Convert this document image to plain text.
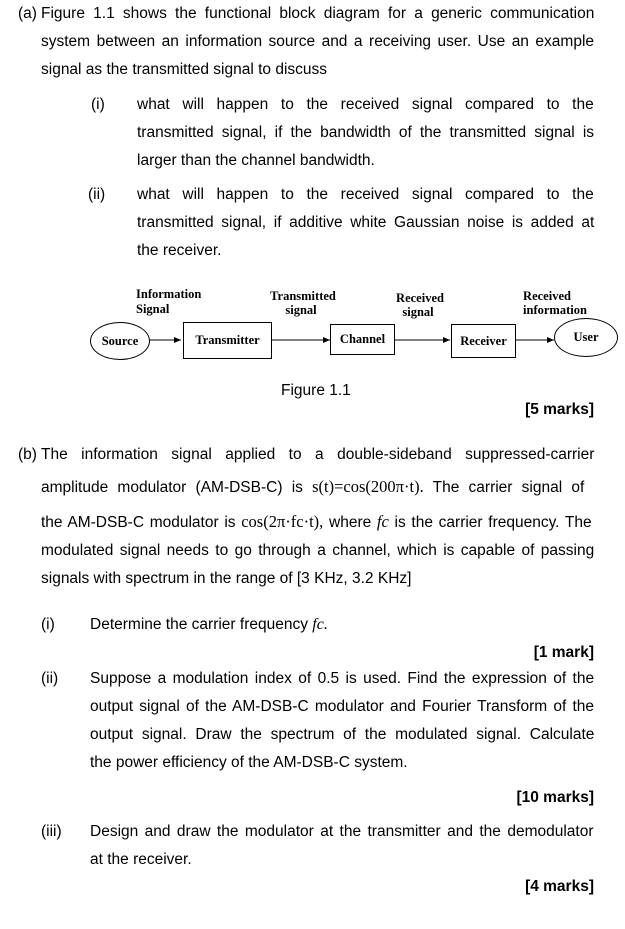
(a) Figure 1.1 shows the functional block diagram for a generic communication
system between an information source and a receiving user. Use an example
signal as the transmitted signal to discuss
(i) what will happen to the received signal compared to the
transmitted signal, if the bandwidth of the transmitted signal is
larger than the channel bandwidth.
(ii) what will happen to the received signal compared to the
transmitted signal, if additive white Gaussian noise is added at
the receiver.
Information
Signal
Transmitted
signal
Received
signal
Received
information
Source	Transmitter	Channel	Receiver	User
Figure 1.1
[5 marks]
(b) The information signal applied to a double-sideband suppressed-carrier
amplitude modulator (AM-DSB-C) is s(t)=cos(200π·t). The carrier signal of
the AM-DSB-C modulator is cos(2π·fc·t), where fc is the carrier frequency. The
modulated signal needs to go through a channel, which is capable of passing
signals with spectrum in the range of [3 KHz, 3.2 KHz]
(i) Determine the carrier frequency fc.
[1 mark]
(ii) Suppose a modulation index of 0.5 is used. Find the expression of the
output signal of the AM-DSB-C modulator and Fourier Transform of the
output signal. Draw the spectrum of the modulated signal. Calculate
the power efficiency of the AM-DSB-C system.
[10 marks]
(iii) Design and draw the modulator at the transmitter and the demodulator
at the receiver.
[4 marks]
